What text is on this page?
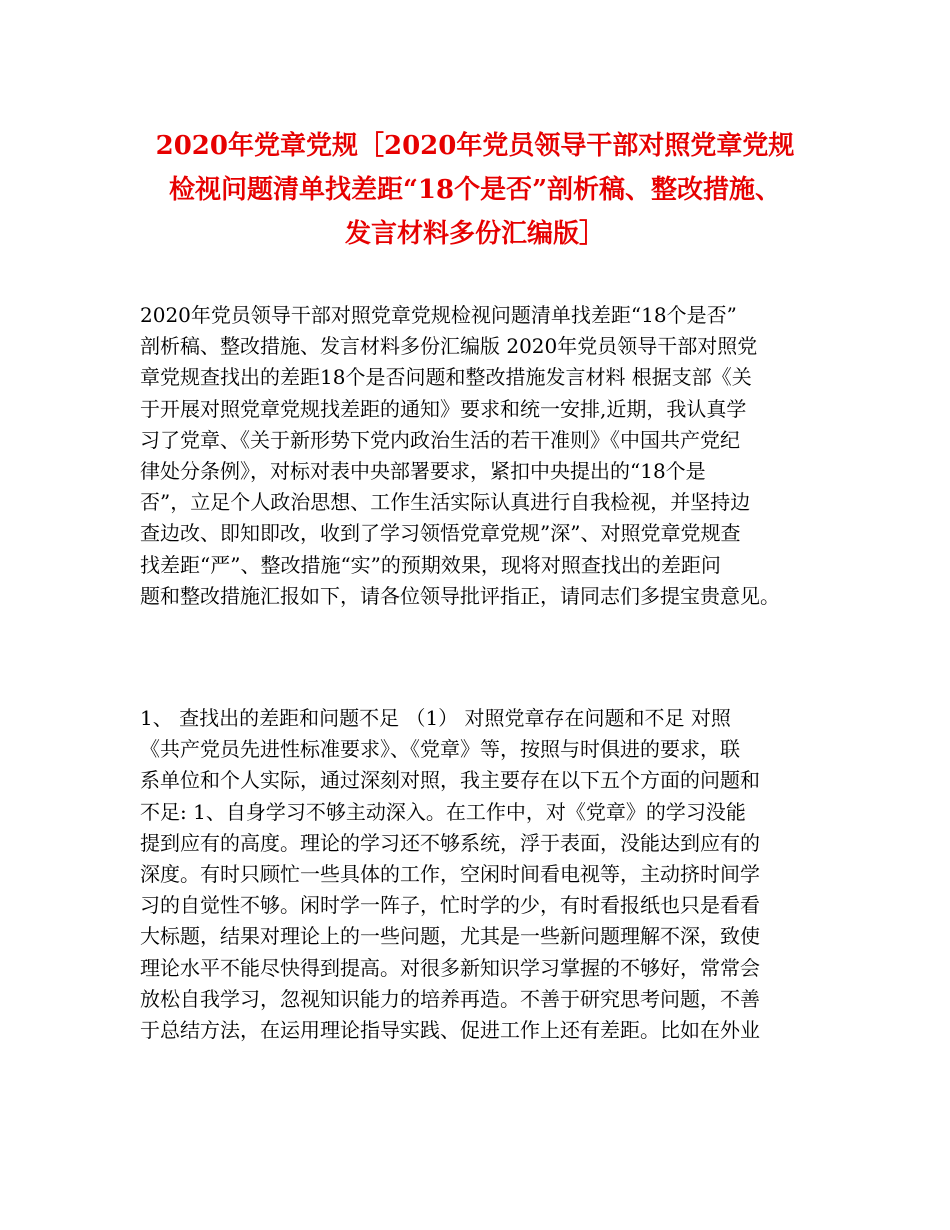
2020年党章党规［2020年党员领导干部对照党章党规
检视问题清单找差距“18个是否”剖析稿、整改措施、
发言材料多份汇编版］

2020年党员领导干部对照党章党规检视问题清单找差距“18个是否”
剖析稿、整改措施、发言材料多份汇编版 2020年党员领导干部对照党
章党规查找出的差距18个是否问题和整改措施发言材料 根据支部《关
于开展对照党章党规找差距的通知》要求和统一安排,近期，我认真学
习了党章、《关于新形势下党内政治生活的若干准则》《中国共产党纪
律处分条例》，对标对表中央部署要求，紧扣中央提出的“18个是
否”，立足个人政治思想、工作生活实际认真进行自我检视，并坚持边
查边改、即知即改，收到了学习领悟党章党规”深”、对照党章党规查
找差距“严”、整改措施“实”的预期效果，现将对照查找出的差距问
题和整改措施汇报如下，请各位领导批评指正，请同志们多提宝贵意见。

1、 查找出的差距和问题不足 （1） 对照党章存在问题和不足 对照
《共产党员先进性标准要求》、《党章》等，按照与时俱进的要求，联
系单位和个人实际，通过深刻对照，我主要存在以下五个方面的问题和
不足: 1、自身学习不够主动深入。在工作中，对《党章》的学习没能
提到应有的高度。理论的学习还不够系统，浮于表面，没能达到应有的
深度。有时只顾忙一些具体的工作，空闲时间看电视等，主动挤时间学
习的自觉性不够。闲时学一阵子，忙时学的少，有时看报纸也只是看看
大标题，结果对理论上的一些问题，尤其是一些新问题理解不深，致使
理论水平不能尽快得到提高。对很多新知识学习掌握的不够好，常常会
放松自我学习，忽视知识能力的培养再造。不善于研究思考问题，不善
于总结方法，在运用理论指导实践、促进工作上还有差距。比如在外业
